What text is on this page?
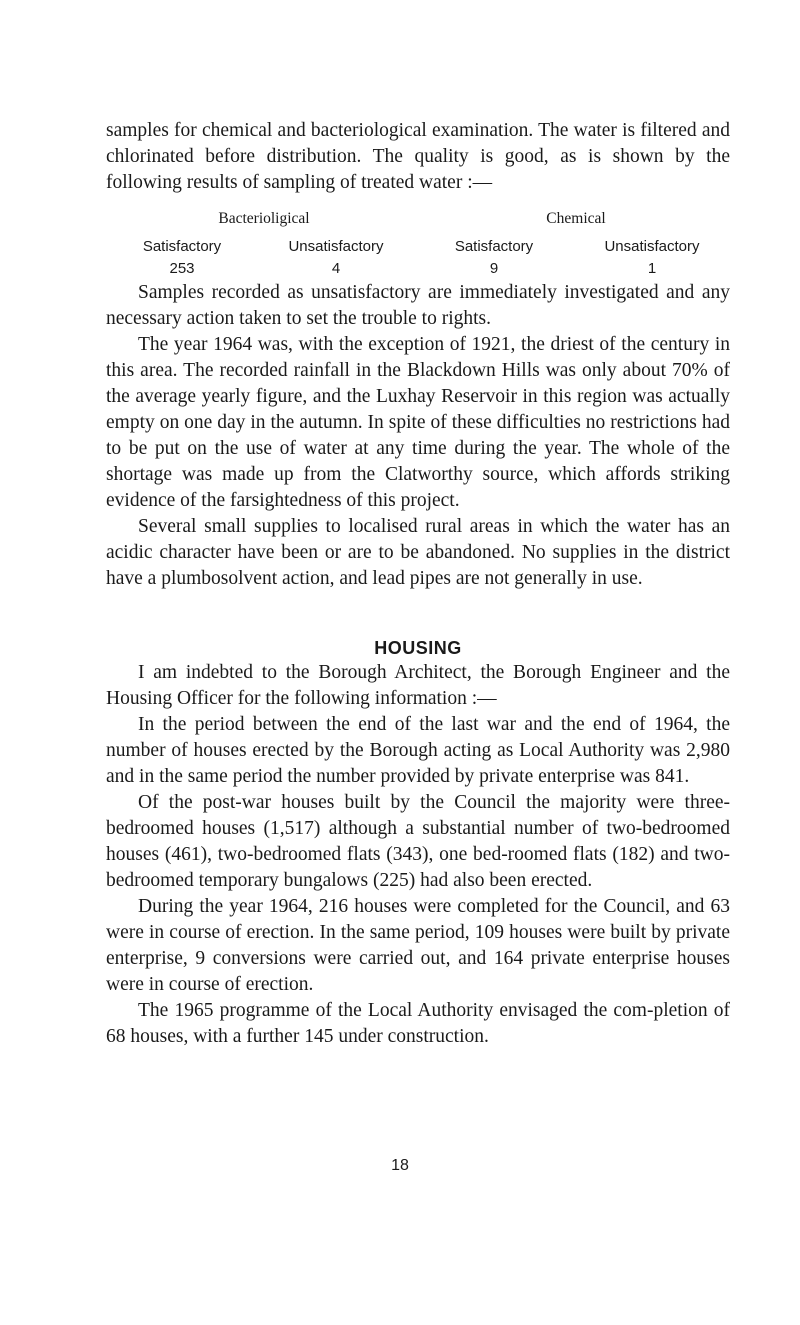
samples for chemical and bacteriological examination. The water is filtered and chlorinated before distribution. The quality is good, as is shown by the following results of sampling of treated water :—

Bacterioligical	Chemical
Satisfactory	Unsatisfactory	Satisfactory	Unsatisfactory
253	4	9	1

Samples recorded as unsatisfactory are immediately investigated and any necessary action taken to set the trouble to rights.

The year 1964 was, with the exception of 1921, the driest of the century in this area. The recorded rainfall in the Blackdown Hills was only about 70% of the average yearly figure, and the Luxhay Reservoir in this region was actually empty on one day in the autumn. In spite of these difficulties no restrictions had to be put on the use of water at any time during the year. The whole of the shortage was made up from the Clatworthy source, which affords striking evidence of the farsightedness of this project.

Several small supplies to localised rural areas in which the water has an acidic character have been or are to be abandoned. No supplies in the district have a plumbosolvent action, and lead pipes are not generally in use.

HOUSING

I am indebted to the Borough Architect, the Borough Engineer and the Housing Officer for the following information :—

In the period between the end of the last war and the end of 1964, the number of houses erected by the Borough acting as Local Authority was 2,980 and in the same period the number provided by private enterprise was 841.

Of the post-war houses built by the Council the majority were three-bedroomed houses (1,517) although a substantial number of two-bedroomed houses (461), two-bedroomed flats (343), one bed-roomed flats (182) and two-bedroomed temporary bungalows (225) had also been erected.

During the year 1964, 216 houses were completed for the Council, and 63 were in course of erection. In the same period, 109 houses were built by private enterprise, 9 conversions were carried out, and 164 private enterprise houses were in course of erection.

The 1965 programme of the Local Authority envisaged the com-pletion of 68 houses, with a further 145 under construction.

18
